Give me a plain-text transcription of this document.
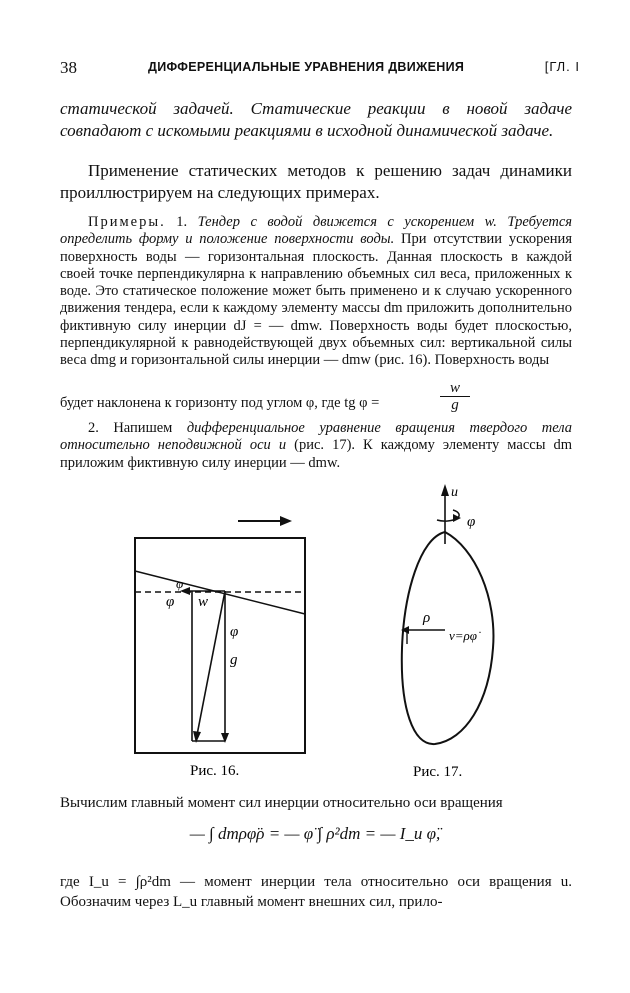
38	ДИФФЕРЕНЦИАЛЬНЫЕ УРАВНЕНИЯ ДВИЖЕНИЯ	[ГЛ. I
статической задачей. Статические реакции в новой задаче совпадают с искомыми реакциями в исходной динамической задаче.
Применение статических методов к решению задач динамики проиллюстрируем на следующих примерах.
Примеры. 1. Тендер с водой движется с ускорением w. Требуется определить форму и положение поверхности воды. При отсутствии ускорения поверхность воды — горизонтальная плоскость. Данная плоскость в каждой своей точке перпендикулярна к направлению объемных сил веса, приложенных к воде. Это статическое положение может быть применено и к случаю ускоренного движения тендера, если к каждому элементу массы dm приложить дополнительно фиктивную силу инерции dJ = — dmw. Поверхность воды будет плоскостью, перпендикулярной к равнодействующей двух объемных сил: вертикальной силы веса dmg и горизонтальной силы инерции — dmw (рис. 16). Поверхность воды
будет наклонена к горизонту под углом φ, где tg φ =	$\frac{w}{g}$
2. Напишем дифференциальное уравнение вращения твердого тела относительно неподвижной оси u (рис. 17). К каждому элементу массы dm приложим фиктивную силу инерции — dmw.
φ
φ w
φ
g
Рис. 16.
u
φ
ρ
v=ρφ̇
Рис. 17.
Вычислим главный момент сил инерции относительно оси вращения
— ∫ dmρφ̈ρ = — φ̈ ∫ ρ²dm = — I_u φ̈,
где I_u = ∫ρ²dm — момент инерции тела относительно оси вращения u. Обозначим через L_u главный момент внешних сил, прило-
